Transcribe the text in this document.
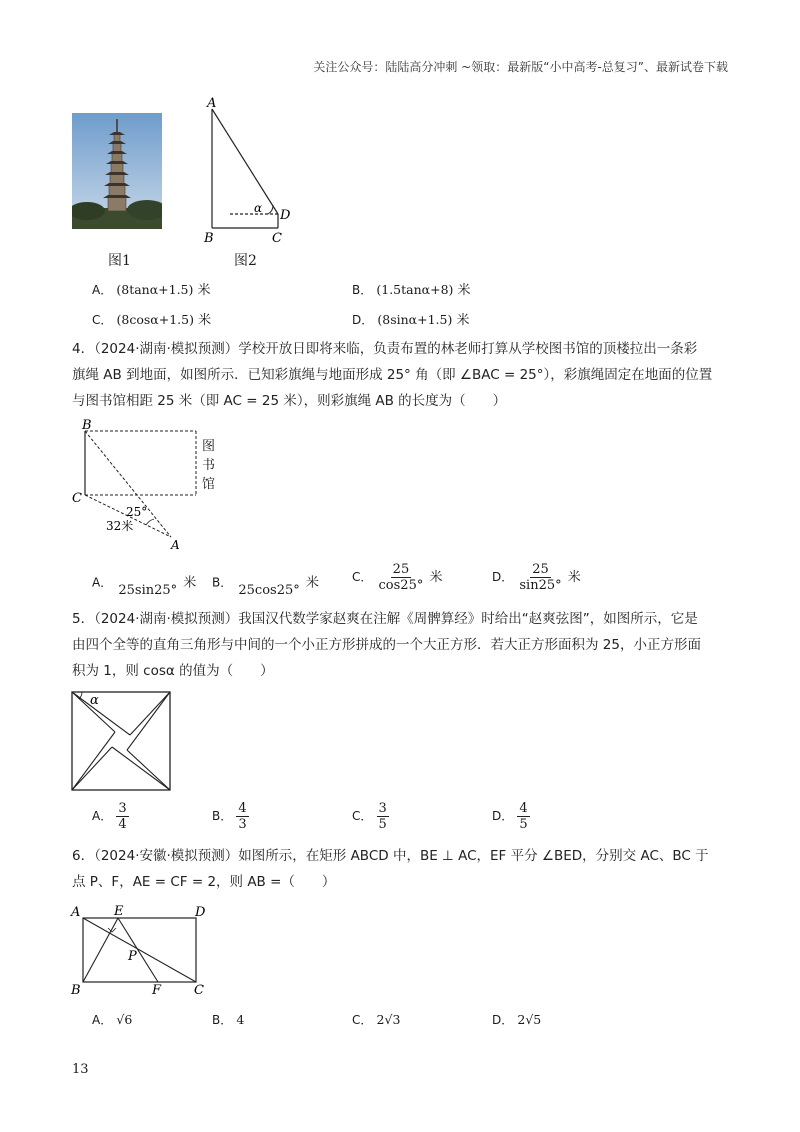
关注公众号：陆陆高分冲刺 ~领取：最新版“小中高考-总复习”、最新试卷下载
A
B	C
D
α
图1	图2
A． (8tanα+1.5) 米	B． (1.5tanα+8) 米
C． (8cosα+1.5) 米	D． (8sinα+1.5) 米
4．（2024·湖南·模拟预测）学校开放日即将来临，负责布置的林老师打算从学校图书馆的顶楼拉出一条彩
旗绳 AB 到地面，如图所示．已知彩旗绳与地面形成 25° 角（即 ∠BAC = 25°），彩旗绳固定在地面的位置
与图书馆相距 25 米（即 AC = 25 米），则彩旗绳 AB 的长度为（　　）
B
C
A
25°
32米
图书馆
A．

25sin25° 米 B．

25cos25° 米	C． $\frac{25}{\cos 25^\circ}$ 米	D． $\frac{25}{\sin 25^\circ}$ 米
5．（2024·湖南·模拟预测）我国汉代数学家赵爽在注解《周髀算经》时给出“赵爽弦图”，如图所示，它是
由四个全等的直角三角形与中间的一个小正方形拼成的一个大正方形．若大正方形面积为 25，小正方形面
积为 1，则 cosα 的值为（　　）
α
A． $\frac{3}{4}$	B． $\frac{4}{3}$	C． $\frac{3}{5}$	D． $\frac{4}{5}$
6．（2024·安徽·模拟预测）如图所示，在矩形 ABCD 中，BE ⊥ AC，EF 平分 ∠BED，分别交 AC、BC 于
点 P、F，AE = CF = 2，则 AB =（　　）
A	E	D
P
B	F	C
A． √6	B． 4	C． 2√3	D． 2√5
13
